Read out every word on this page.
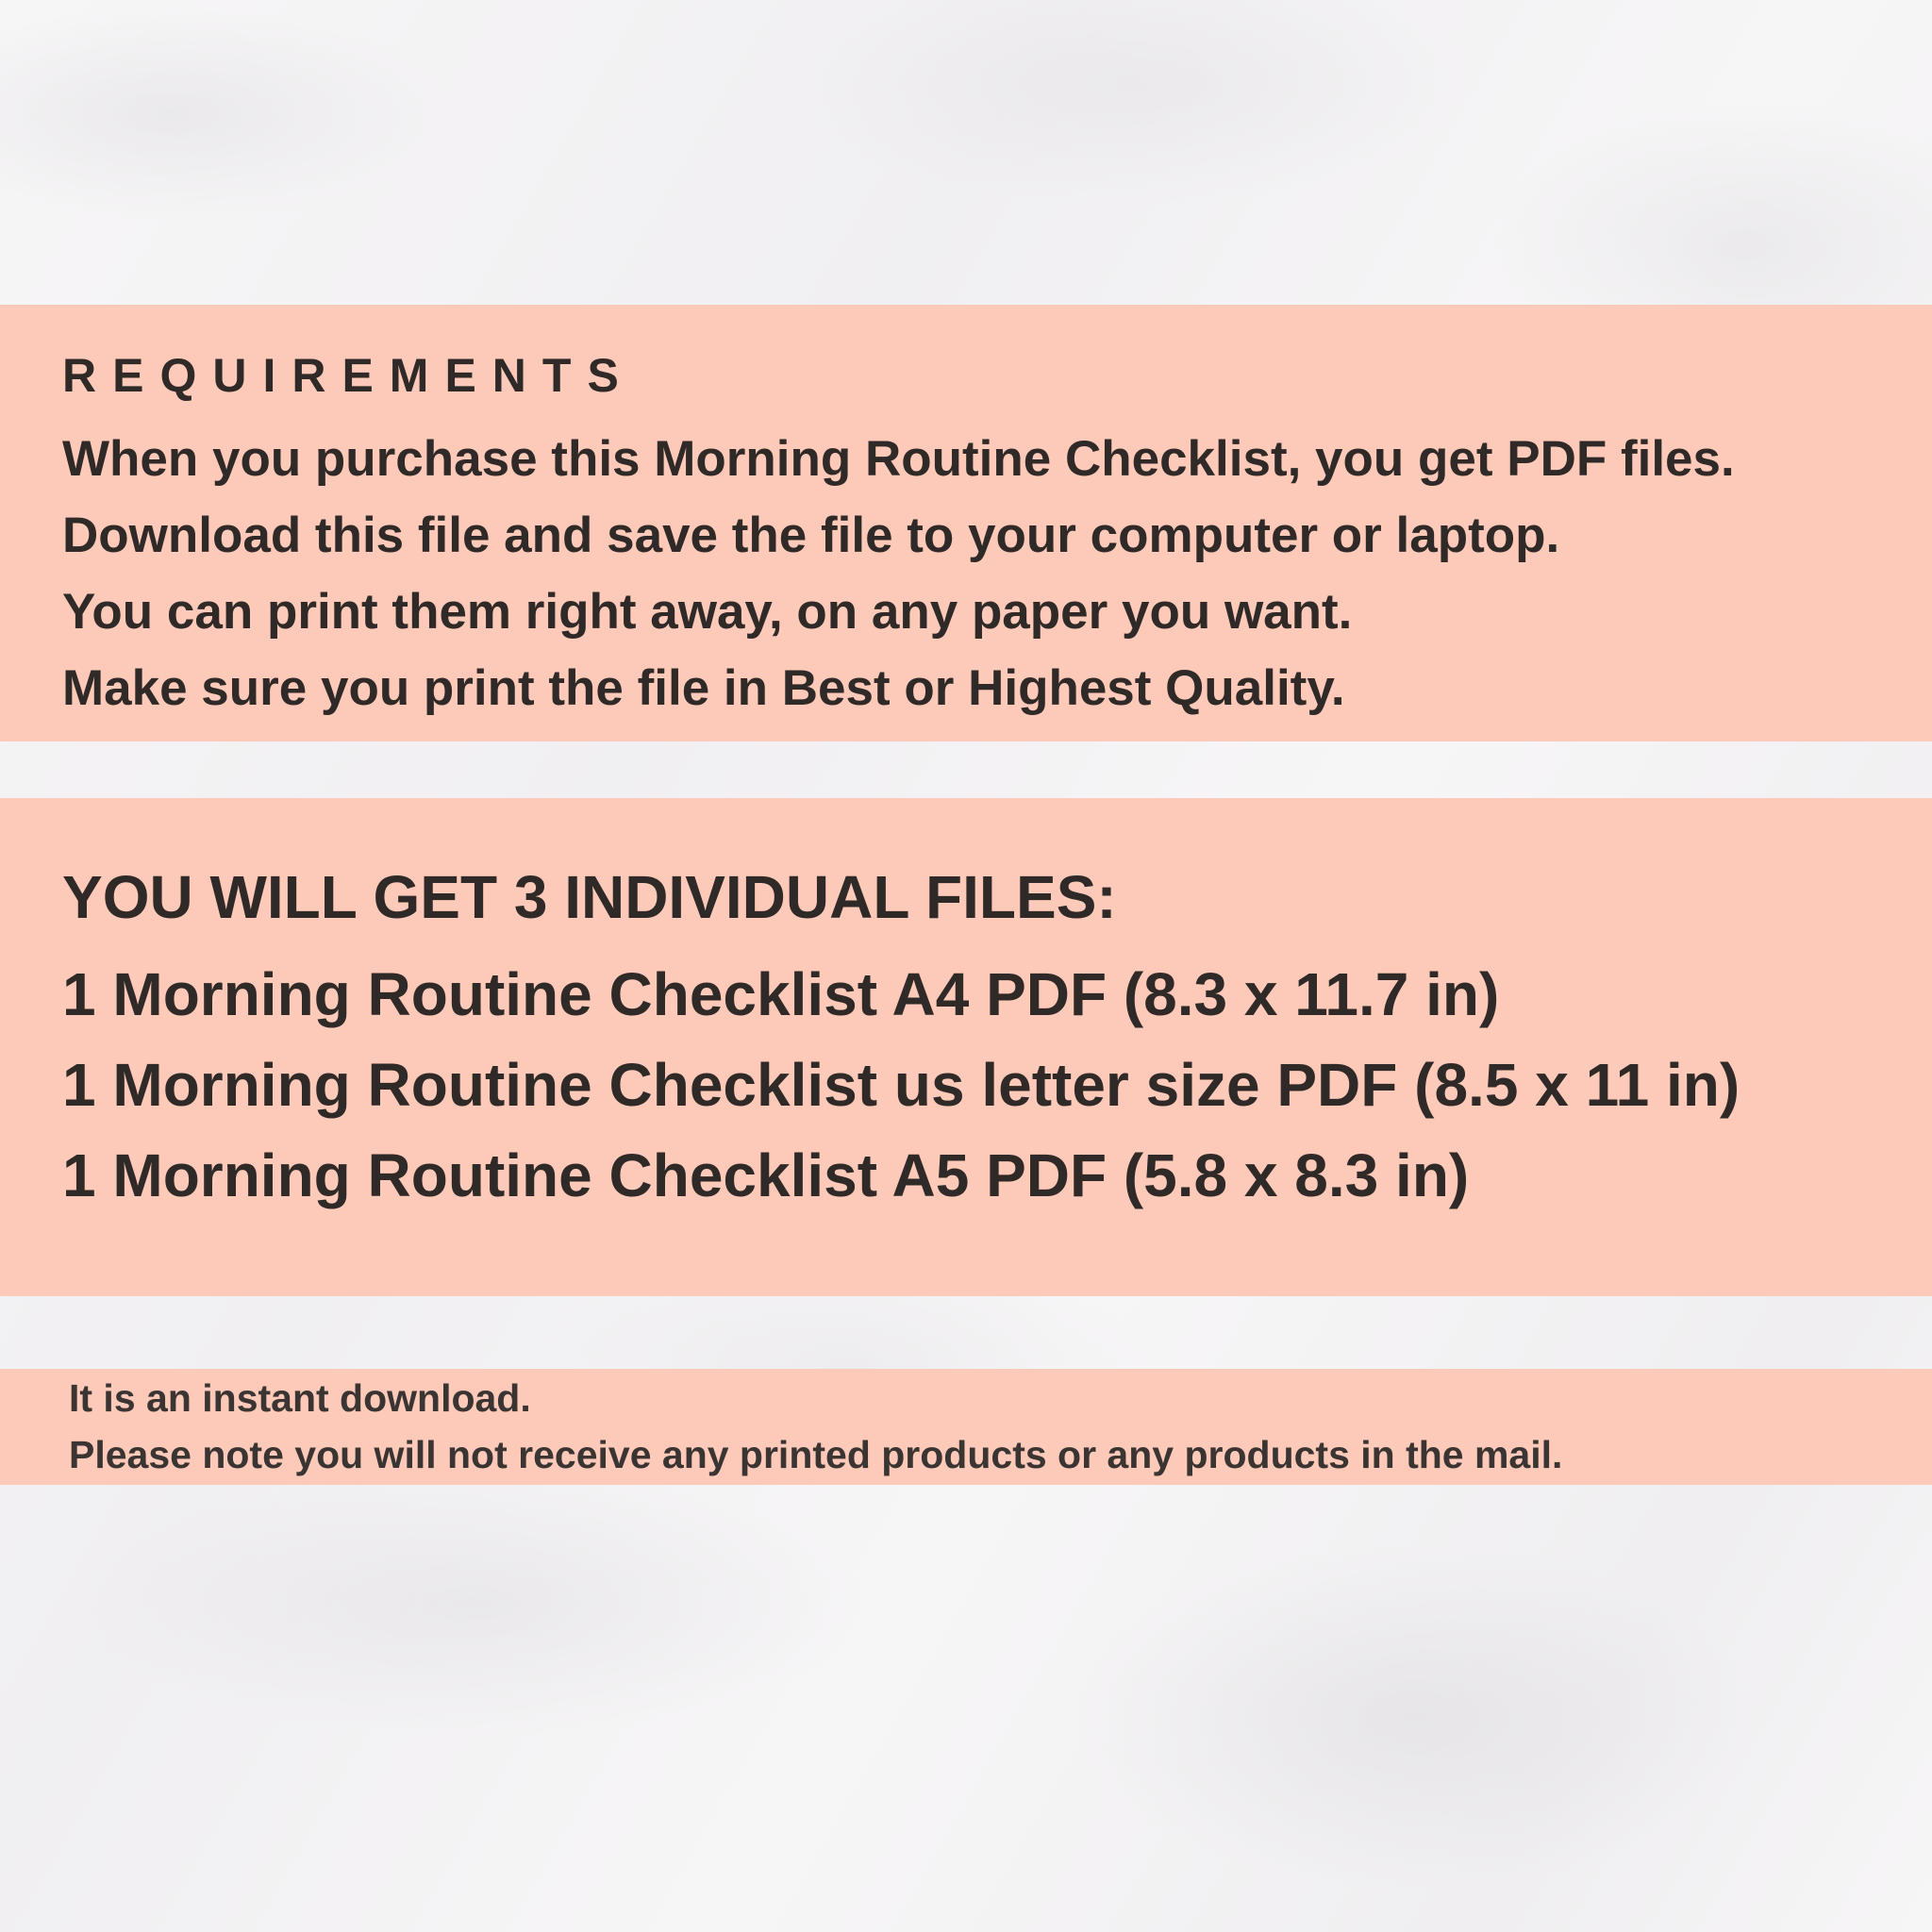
REQUIREMENTS
When you purchase this Morning Routine Checklist, you get PDF files.
Download this file and save the file to your computer or laptop.
You can print them right away, on any paper you want.
Make sure you print the file in Best or Highest Quality.
YOU WILL GET 3 INDIVIDUAL FILES:
1 Morning Routine Checklist A4 PDF (8.3 x 11.7 in)
1 Morning Routine Checklist us letter size PDF (8.5 x 11 in)
1 Morning Routine Checklist A5 PDF (5.8 x 8.3 in)
It is an instant download.
Please note you will not receive any printed products or any products in the mail.
